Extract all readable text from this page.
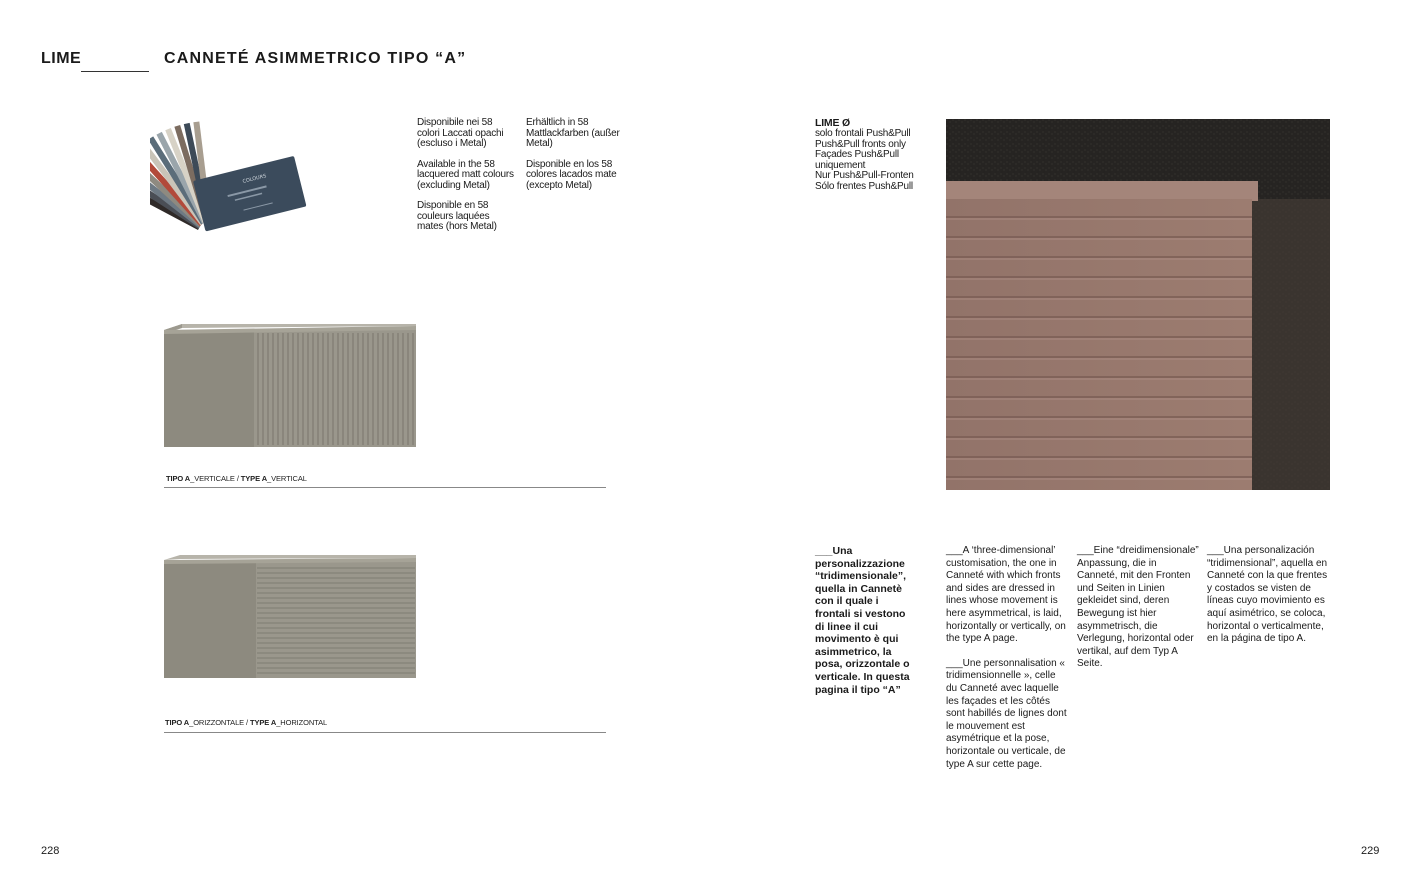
LIME	CANNETÉ ASIMMETRICO TIPO “A”
COLOURS

Disponibile nei 58 colori Laccati opachi (escluso i Metal)

Available in the 58 lacquered matt colours (excluding Metal)

Disponible en 58 couleurs laquées mates (hors Metal)

Erhältlich in 58 Mattlackfarben (außer Metal)

Disponible en los 58 colores lacados mate (excepto Metal)

TIPO A_VERTICALE / TYPE A_VERTICAL
TIPO A_ORIZZONTALE / TYPE A_HORIZONTAL
LIME Ø
solo frontali Push&Pull
Push&Pull fronts only
Façades Push&Pull uniquement
Nur Push&Pull-Fronten
Sólo frentes Push&Pull
___Una personalizzazione “tridimensionale”, quella in Cannetè con il quale i frontali si vestono di linee il cui movimento è qui asimmetrico, la posa, orizzontale o verticale. In questa pagina il tipo “A”

___A ‘three-dimensional’ customisation, the one in Canneté with which fronts and sides are dressed in lines whose movement is here asymmetrical, is laid, horizontally or vertically, on the type A page.

___Une personnalisation « tridimensionnelle », celle du Canneté avec laquelle les façades et les côtés sont habillés de lignes dont le mouvement est asymétrique et la pose, horizontale ou verticale, de type A sur cette page.

___Eine “dreidimensionale” Anpassung, die in Canneté, mit den Fronten und Seiten in Linien gekleidet sind, deren Bewegung ist hier asymmetrisch, die Verlegung, horizontal oder vertikal, auf dem Typ A Seite.

___Una personalización “tridimensional”, aquella en Canneté con la que frentes y costados se visten de líneas cuyo movimiento es aquí asimétrico, se coloca, horizontal o verticalmente, en la página de tipo A.

228	229
